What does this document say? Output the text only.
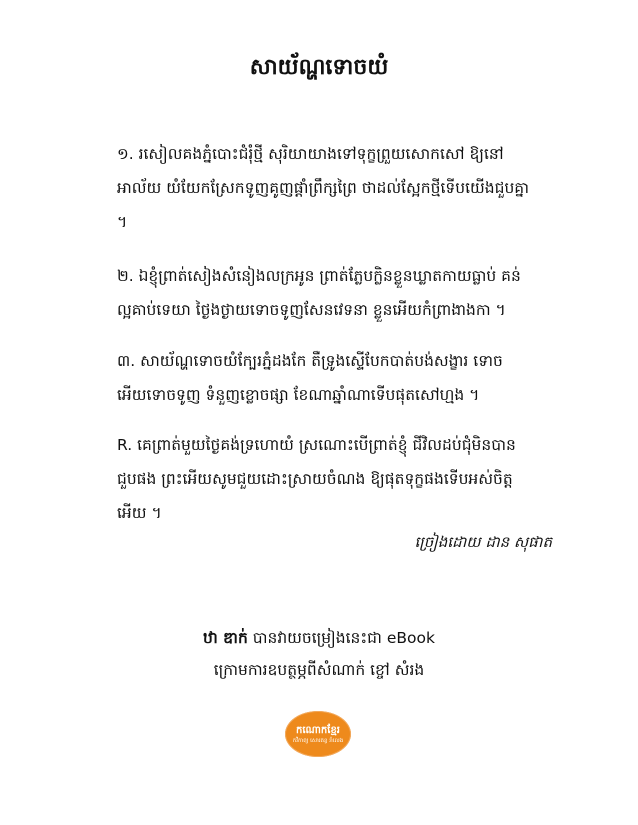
សាយ័ណ្ហទោចយំ
១. រសៀលគងភ្នំបោះជំរុំថ្មី សុរិយាយាងទៅទុក្ខព្រួយសោកសៅ ឱ្យនៅ
អាល័យ យំយែកស្រែកទូញគូញផ្តាំព្រឹក្សព្រៃ ថាដល់ស្អែកថ្មីទើបយើងជួបគ្នា
។
២. ឯខ្ញុំព្រាត់សៀងសំនៀងលក្រអូន ព្រាត់ភ្លែបក្លិនខ្លួនឃ្លាតកាយធ្លាប់ គន់
ល្អគាប់ទេយា ថ្ងៃងថ្ងាយទោចទូញសែនវេទនា ខ្លួនអើយកំព្រាងាងកា ។
៣. សាយ័ណ្ហទោចយំក្បែរភ្នំដងកែ តឺទ្រូងស្ទើបែកបាត់បង់សង្ខារ ទោច
អើយទោចទូញ ទំនួញខ្លោចផ្សា ខែណាឆ្នាំណាទើបផុតសៅហ្មង ។
R. គេព្រាត់មួយថ្ងៃគង់ទ្រហោយំ ស្រណោះបើព្រាត់ខ្ញុំ ជីវិលដប់ជុំមិនបាន
ជួបផង ព្រះអើយសូមជួយដោះស្រាយចំណង ឱ្យផុតទុក្ខផងទើបអស់ចិត្ត
អើយ ។
ច្រៀងដោយ ដាន សុផាត
ឋា ឌាក់ បានវាយចម្រៀងនេះជា eBook
ក្រោមការឧបត្ថម្ភពីសំណាក់ ខ្ចៅ សំរង
កណោកខ្មែរ
កវីកាព្យ សោរគន្ធ រាំលេង
